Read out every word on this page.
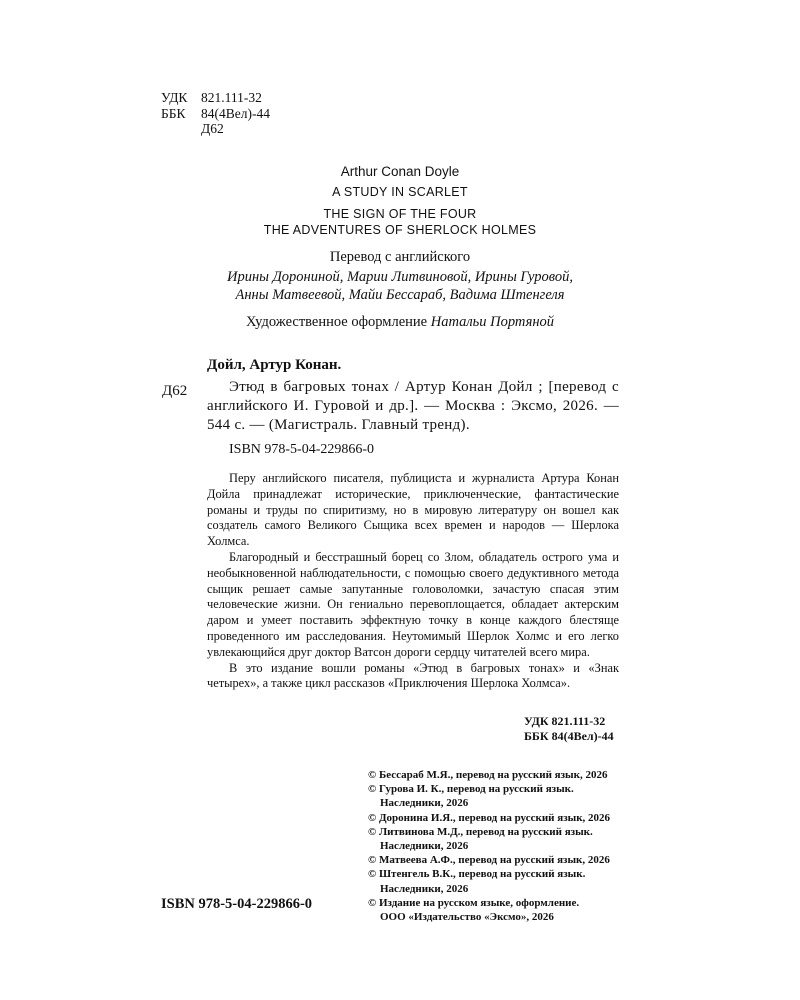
УДК 821.111-32
ББК 84(4Вел)-44
Д62
Arthur Conan Doyle
A STUDY IN SCARLET
THE SIGN OF THE FOUR
THE ADVENTURES OF SHERLOCK HOLMES
Перевод с английского
Ирины Дорониной, Марии Литвиновой, Ирины Гуровой,
Анны Матвеевой, Майи Бессараб, Вадима Штенгеля
Художественное оформление Натальи Портяной
Дойл, Артур Конан.
Д62	Этюд в багровых тонах / Артур Конан Дойл ; [перевод с английского И. Гуровой и др.]. — Москва : Эксмо, 2026. — 544 с. — (Магистраль. Главный тренд).
ISBN 978-5-04-229866-0

Перу английского писателя, публициста и журналиста Артура Конан Дойла принадлежат исторические, приключенческие, фантастические романы и труды по спиритизму, но в мировую литературу он вошел как создатель самого Великого Сыщика всех времен и народов — Шерлока Холмса.

Благородный и бесстрашный борец со Злом, обладатель острого ума и необыкновенной наблюдательности, с помощью своего дедуктивного метода сыщик решает самые запутанные головоломки, зачастую спасая этим человеческие жизни. Он гениально перевоплощается, обладает актерским даром и умеет поставить эффектную точку в конце каждого блестяще проведенного им расследования. Неутомимый Шерлок Холмс и его легко увлекающийся друг доктор Ватсон дороги сердцу читателей всего мира.

В это издание вошли романы «Этюд в багровых тонах» и «Знак четырех», а также цикл рассказов «Приключения Шерлока Холмса».

УДК 821.111-32
ББК 84(4Вел)-44
ISBN 978-5-04-229866-0
© Бессараб М.Я., перевод на русский язык, 2026
© Гурова И. К., перевод на русский язык.
Наследники, 2026
© Доронина И.Я., перевод на русский язык, 2026
© Литвинова М.Д., перевод на русский язык.
Наследники, 2026
© Матвеева А.Ф., перевод на русский язык, 2026
© Штенгель В.К., перевод на русский язык.
Наследники, 2026
© Издание на русском языке, оформление.
ООО «Издательство «Эксмо», 2026
